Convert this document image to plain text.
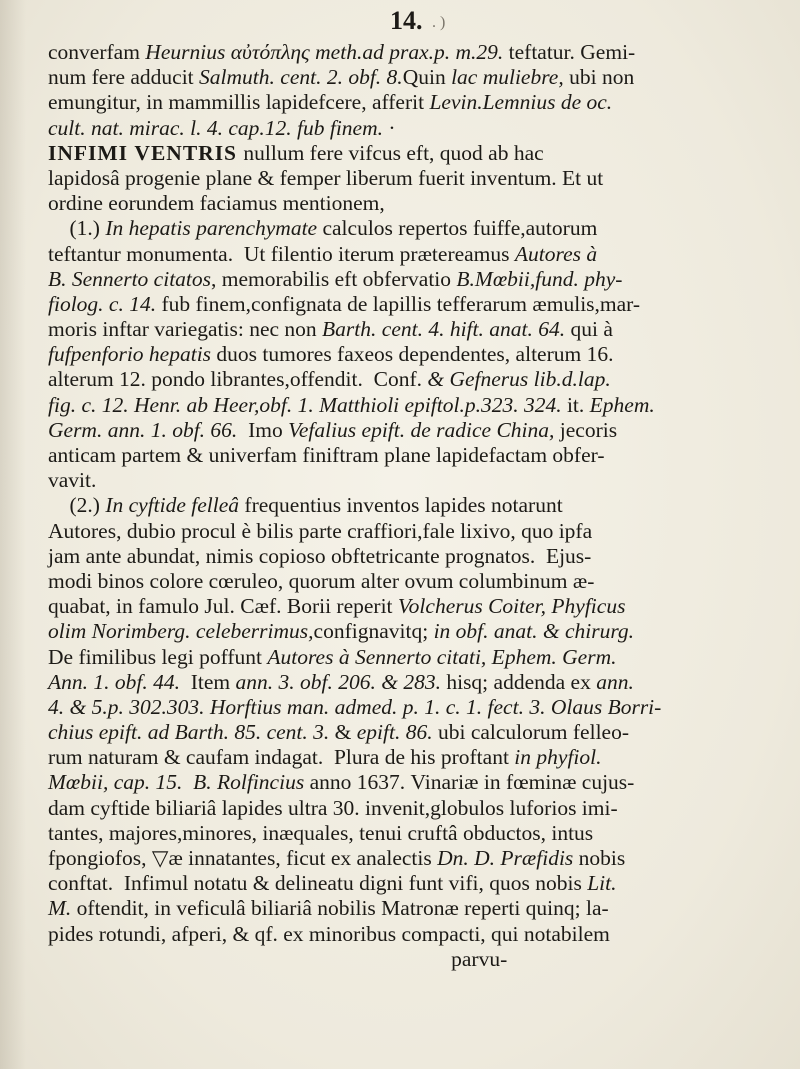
14. . )
converfam Heurnius αὐτόπλης meth.ad prax.p. m.29. teftatur. Gemi-
num fere adducit Salmuth. cent. 2. obf. 8.Quin lac muliebre, ubi non
emungitur, in mammillis lapidefcere, afferit Levin.Lemnius de oc.
cult. nat. mirac. l. 4. cap.12. fub finem. ·
INFIMI VENTRIS nullum fere vifcus eft, quod ab hac
lapidosâ progenie plane & femper liberum fuerit inventum. Et ut
ordine eorundem faciamus mentionem,
(1.) In hepatis parenchymate calculos repertos fuiffe,autorum
teftantur monumenta.  Ut filentio iterum prætereamus Autores à
B. Sennerto citatos, memorabilis eft obfervatio B.Mœbii,fund. phy-
fiolog. c. 14. fub finem,confignata de lapillis tefferarum æmulis,mar-
moris inftar variegatis: nec non Barth. cent. 4. hift. anat. 64. qui à
fufpenforio hepatis duos tumores faxeos dependentes, alterum 16.
alterum 12. pondo librantes,offendit.  Conf. & Gefnerus lib.d.lap.
fig. c. 12. Henr. ab Heer,obf. 1. Matthioli epiftol.p.323. 324. it. Ephem.
Germ. ann. 1. obf. 66.  Imo Vefalius epift. de radice China, jecoris
anticam partem & univerfam finiftram plane lapidefactam obfer-
vavit.
(2.) In cyftide felleâ frequentius inventos lapides notarunt
Autores, dubio procul è bilis parte craffiori,fale lixivo, quo ipfa
jam ante abundat, nimis copioso obftetricante prognatos.  Ejus-
modi binos colore cœruleo, quorum alter ovum columbinum æ-
quabat, in famulo Jul. Cæf. Borii reperit Volcherus Coiter, Phyficus
olim Norimberg. celeberrimus,confignavitq; in obf. anat. & chirurg.
De fimilibus legi poffunt Autores à Sennerto citati, Ephem. Germ.
Ann. 1. obf. 44.  Item ann. 3. obf. 206. & 283. hisq; addenda ex ann.
4. & 5.p. 302.303. Horftius man. admed. p. 1. c. 1. fect. 3. Olaus Borri-
chius epift. ad Barth. 85. cent. 3. & epift. 86. ubi calculorum felleo-
rum naturam & caufam indagat.  Plura de his proftant in phyfiol.
Mœbii, cap. 15. B. Rolfincius anno 1637. Vinariæ in fœminæ cujus-
dam cyftide biliariâ lapides ultra 30. invenit,globulos luforios imi-
tantes, majores,minores, inæquales, tenui cruftâ obductos, intus
fpongiofos, ▽æ innatantes, ficut ex analectis Dn. D. Præfidis nobis
conftat.  Infimul notatu & delineatu digni funt vifi, quos nobis Lit.
M. oftendit, in veficulâ biliariâ nobilis Matronæ reperti quinq; la-
pides rotundi, afperi, & qf. ex minoribus compacti, qui notabilem
parvu-
